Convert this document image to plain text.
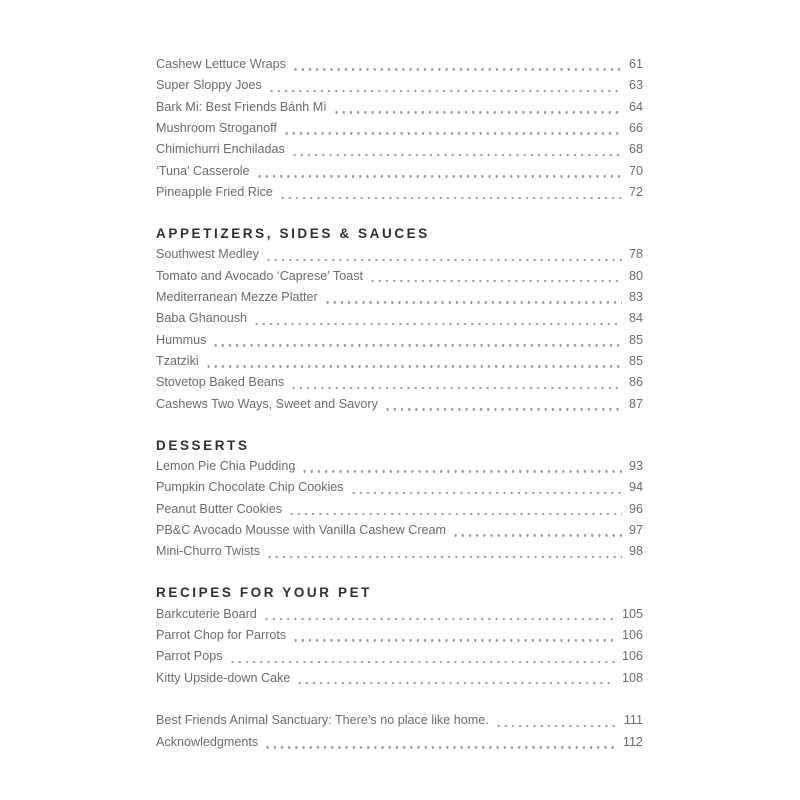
Cashew Lettuce Wraps	61
Super Sloppy Joes	63
Bark Mi: Best Friends Bánh Mì	64
Mushroom Stroganoff	66
Chimichurri Enchiladas	68
‘Tuna’ Casserole	70
Pineapple Fried Rice	72
APPETIZERS, SIDES & SAUCES
Southwest Medley	78
Tomato and Avocado ‘Caprese’ Toast	80
Mediterranean Mezze Platter	83
Baba Ghanoush	84
Hummus	85
Tzatziki	85
Stovetop Baked Beans	86
Cashews Two Ways, Sweet and Savory	87
DESSERTS
Lemon Pie Chia Pudding	93
Pumpkin Chocolate Chip Cookies	94
Peanut Butter Cookies	96
PB&C Avocado Mousse with Vanilla Cashew Cream	97
Mini-Churro Twists	98
RECIPES FOR YOUR PET
Barkcuterie Board	105
Parrot Chop for Parrots	106
Parrot Pops	106
Kitty Upside-down Cake	108
Best Friends Animal Sanctuary: There’s no place like home.	111
Acknowledgments	112
